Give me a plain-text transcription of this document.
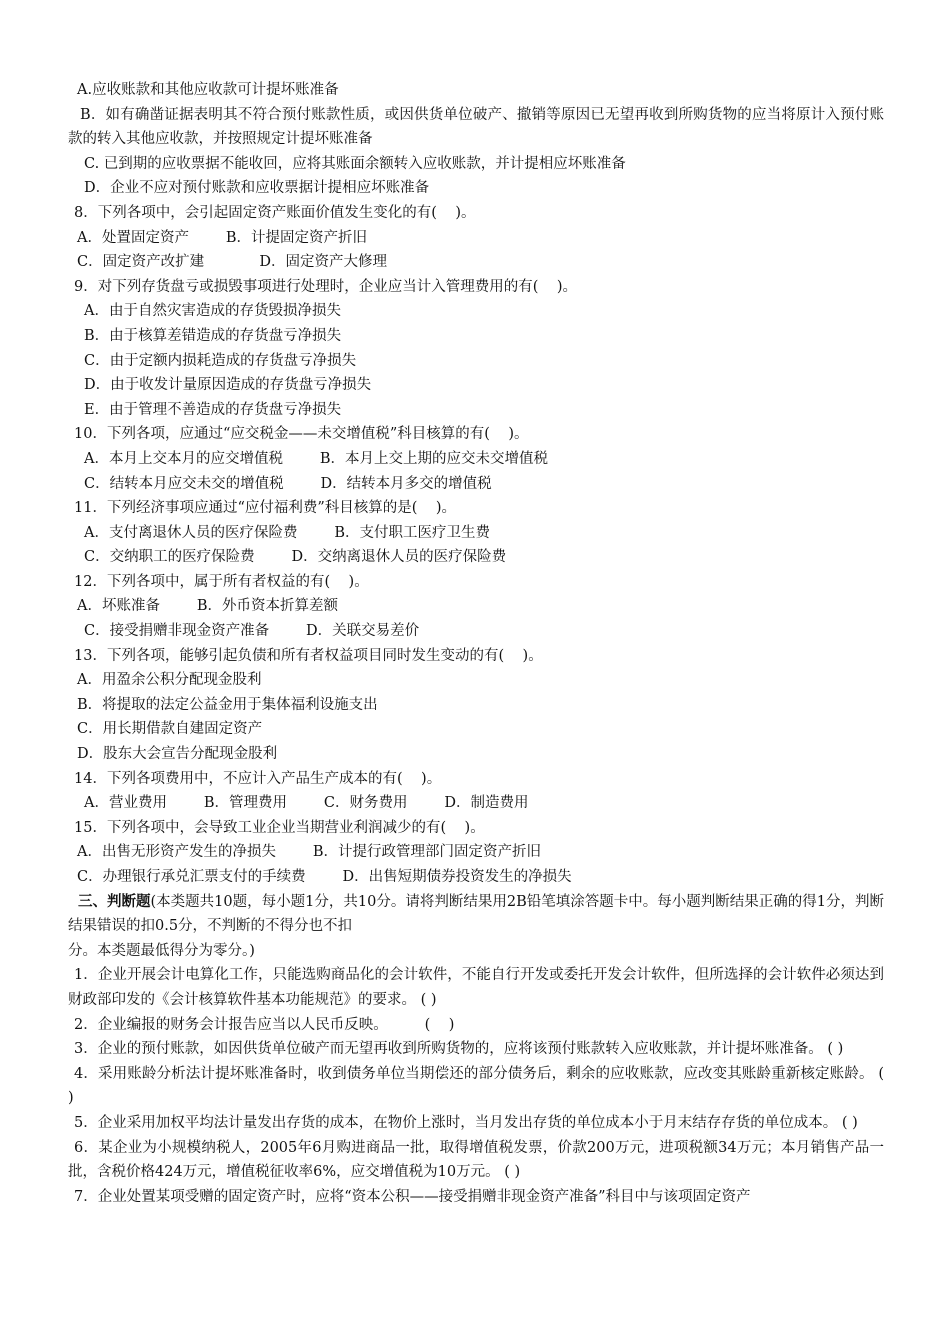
A.应收账款和其他应收款可计提坏账准备
B．如有确凿证据表明其不符合预付账款性质，或因供货单位破产、撤销等原因已无望再收到所购货物的应当将原计入预付账款的转入其他应收款，并按照规定计提坏账准备
C. 已到期的应收票据不能收回，应将其账面余额转入应收账款，并计提相应坏账准备
D．企业不应对预付账款和应收票据计提相应坏账准备
8．下列各项中，会引起固定资产账面价值发生变化的有(    )。
A．处置固定资产        B．计提固定资产折旧
C．固定资产改扩建            D．固定资产大修理
9．对下列存货盘亏或损毁事项进行处理时，企业应当计入管理费用的有(    )。
A．由于自然灾害造成的存货毁损净损失
B．由于核算差错造成的存货盘亏净损失
C．由于定额内损耗造成的存货盘亏净损失
D．由于收发计量原因造成的存货盘亏净损失
E．由于管理不善造成的存货盘亏净损失
10．下列各项，应通过“应交税金——未交增值税”科目核算的有(    )。
A．本月上交本月的应交增值税        B．本月上交上期的应交未交增值税
C．结转本月应交未交的增值税        D．结转本月多交的增值税
11．下列经济事项应通过“应付福利费”科目核算的是(    )。
A．支付离退休人员的医疗保险费        B．支付职工医疗卫生费
C．交纳职工的医疗保险费        D．交纳离退休人员的医疗保险费
12．下列各项中，属于所有者权益的有(    )。
A．坏账准备        B．外币资本折算差额
C．接受捐赠非现金资产准备        D．关联交易差价
13．下列各项，能够引起负债和所有者权益项目同时发生变动的有(    )。
A．用盈余公积分配现金股利
B．将提取的法定公益金用于集体福利设施支出
C．用长期借款自建固定资产
D．股东大会宣告分配现金股利
14．下列各项费用中，不应计入产品生产成本的有(    )。
A．营业费用        B．管理费用        C．财务费用        D．制造费用
15．下列各项中，会导致工业企业当期营业利润减少的有(    )。
A．出售无形资产发生的净损失        B．计提行政管理部门固定资产折旧
C．办理银行承兑汇票支付的手续费        D．出售短期债券投资发生的净损失
三、判断题(本类题共10题，每小题1分，共10分。请将判断结果用2B铅笔填涂答题卡中。每小题判断结果正确的得1分，判断结果错误的扣0.5分，不判断的不得分也不扣
分。本类题最低得分为零分。)
1．企业开展会计电算化工作，只能选购商品化的会计软件，不能自行开发或委托开发会计软件，但所选择的会计软件必须达到财政部印发的《会计核算软件基本功能规范》的要求。 ( )
2．企业编报的财务会计报告应当以人民币反映。        (    )
3．企业的预付账款，如因供货单位破产而无望再收到所购货物的，应将该预付账款转入应收账款，并计提坏账准备。 ( )
4．采用账龄分析法计提坏账准备时，收到债务单位当期偿还的部分债务后，剩余的应收账款，应改变其账龄重新核定账龄。 ( )
5．企业采用加权平均法计量发出存货的成本，在物价上涨时，当月发出存货的单位成本小于月末结存存货的单位成本。 ( )
6．某企业为小规模纳税人，2005年6月购进商品一批，取得增值税发票，价款200万元，进项税额34万元；本月销售产品一批，含税价格424万元，增值税征收率6%，应交增值税为10万元。 ( )
7．企业处置某项受赠的固定资产时，应将“资本公积——接受捐赠非现金资产准备”科目中与该项固定资产
